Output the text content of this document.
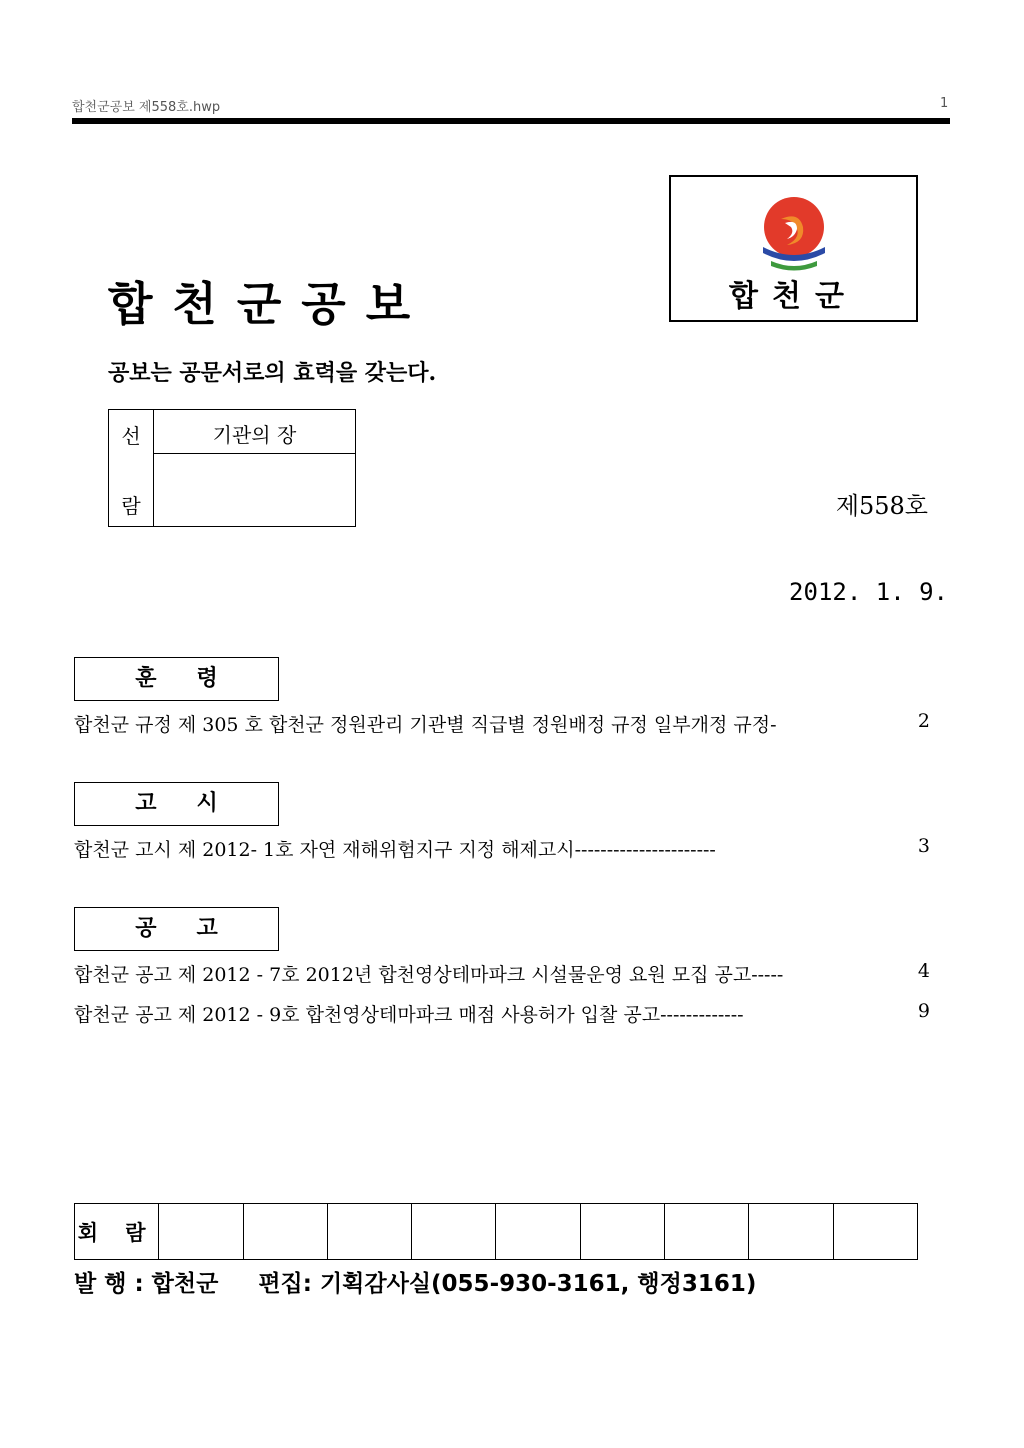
합천군공보 제558호.hwp	1
합천군공보	합천군
공보는 공문서로의 효력을 갖는다.
선
람
기관의 장
제558호
2012. 1. 9.
훈령
합천군 규정 제 305 호 합천군 정원관리 기관별 직급별 정원배정 규정 일부개정 규정-	2
고시
합천군 고시 제 2012- 1호 자연 재해위험지구 지정 해제고시----------------------	3
공고
합천군 공고 제 2012 - 7호 2012년 합천영상테마파크 시설물운영 요원 모집 공고-----	4
합천군 공고 제 2012 - 9호 합천영상테마파크 매점 사용허가 입찰 공고-------------	9
회 람
발 행 : 합천군 편집: 기획감사실(055-930-3161, 행정3161)
